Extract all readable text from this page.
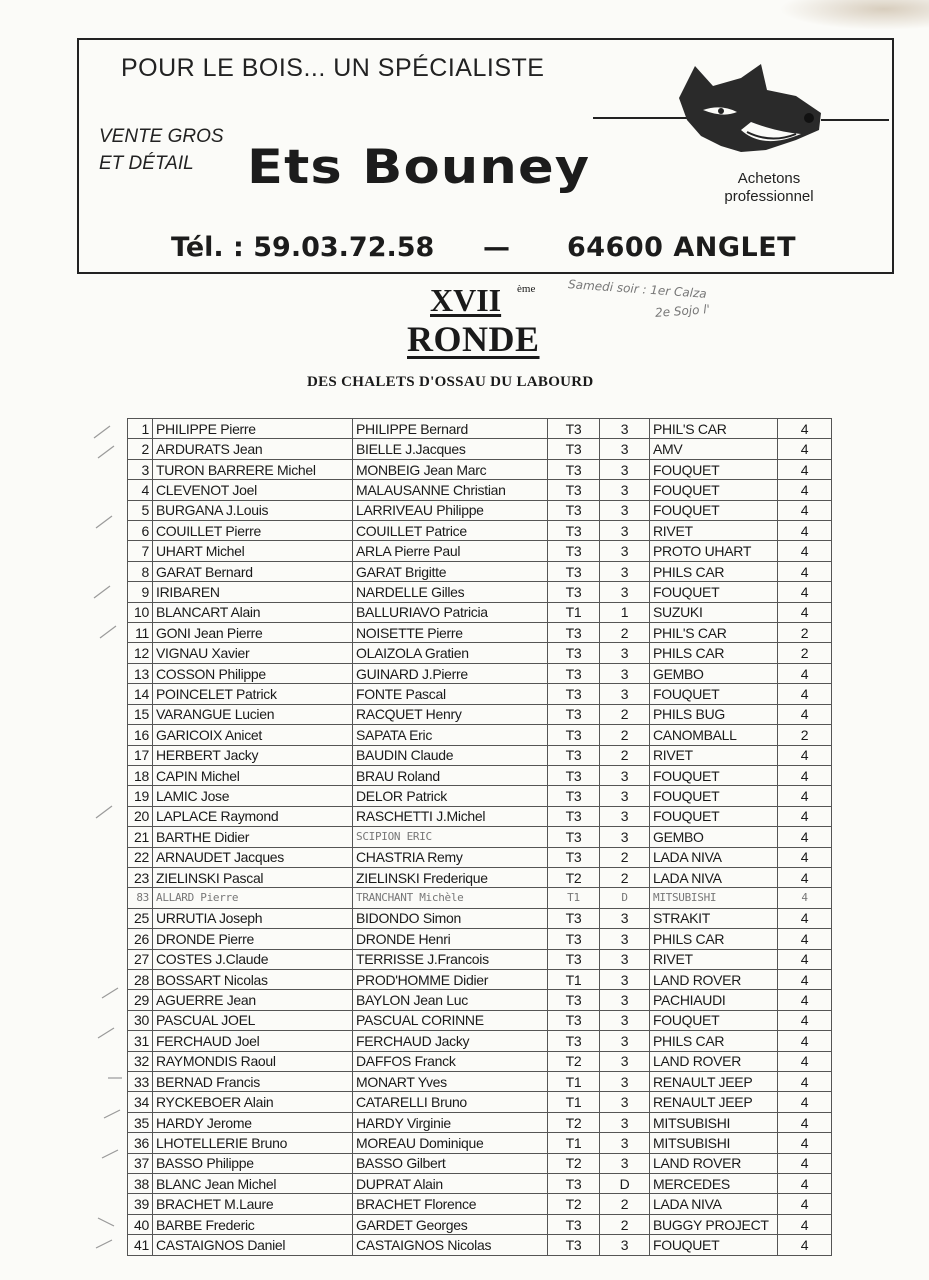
POUR LE BOIS... UN SPÉCIALISTE
VENTE GROS
ET DÉTAIL	Ets Bouney	Achetons
professionnel
Tél. : 59.03.72.58 — 64600 ANGLET
XVII ème
RONDE
DES CHALETS D'OSSAU DU LABOURD
Samedi soir : 1er Calza
2e Sojo l'
1	PHILIPPE Pierre	PHILIPPE Bernard	T3	3	PHIL'S CAR	4
2	ARDURATS Jean	BIELLE J.Jacques	T3	3	AMV	4
3	TURON BARRERE Michel	MONBEIG Jean Marc	T3	3	FOUQUET	4
4	CLEVENOT Joel	MALAUSANNE Christian	T3	3	FOUQUET	4
5	BURGANA J.Louis	LARRIVEAU Philippe	T3	3	FOUQUET	4
6	COUILLET Pierre	COUILLET Patrice	T3	3	RIVET	4
7	UHART Michel	ARLA Pierre Paul	T3	3	PROTO UHART	4
8	GARAT Bernard	GARAT Brigitte	T3	3	PHILS CAR	4
9	IRIBAREN	NARDELLE Gilles	T3	3	FOUQUET	4
10	BLANCART Alain	BALLURIAVO Patricia	T1	1	SUZUKI	4
11	GONI Jean Pierre	NOISETTE Pierre	T3	2	PHIL'S CAR	2
12	VIGNAU Xavier	OLAIZOLA Gratien	T3	3	PHILS CAR	2
13	COSSON Philippe	GUINARD J.Pierre	T3	3	GEMBO	4
14	POINCELET Patrick	FONTE Pascal	T3	3	FOUQUET	4
15	VARANGUE Lucien	RACQUET Henry	T3	2	PHILS BUG	4
16	GARICOIX Anicet	SAPATA Eric	T3	2	CANOMBALL	2
17	HERBERT Jacky	BAUDIN Claude	T3	2	RIVET	4
18	CAPIN Michel	BRAU Roland	T3	3	FOUQUET	4
19	LAMIC Jose	DELOR Patrick	T3	3	FOUQUET	4
20	LAPLACE Raymond	RASCHETTI J.Michel	T3	3	FOUQUET	4
21	BARTHE Didier	SCIPION ERIC	T3	3	GEMBO	4
22	ARNAUDET Jacques	CHASTRIA Remy	T3	2	LADA NIVA	4
23	ZIELINSKI Pascal	ZIELINSKI Frederique	T2	2	LADA NIVA	4
83	ALLARD Pierre	TRANCHANT Michèle	T1	D	MITSUBISHI	4
25	URRUTIA Joseph	BIDONDO Simon	T3	3	STRAKIT	4
26	DRONDE Pierre	DRONDE Henri	T3	3	PHILS CAR	4
27	COSTES J.Claude	TERRISSE J.Francois	T3	3	RIVET	4
28	BOSSART Nicolas	PROD'HOMME Didier	T1	3	LAND ROVER	4
29	AGUERRE Jean	BAYLON Jean Luc	T3	3	PACHIAUDI	4
30	PASCUAL JOEL	PASCUAL CORINNE	T3	3	FOUQUET	4
31	FERCHAUD Joel	FERCHAUD Jacky	T3	3	PHILS CAR	4
32	RAYMONDIS Raoul	DAFFOS Franck	T2	3	LAND ROVER	4
33	BERNAD Francis	MONART Yves	T1	3	RENAULT JEEP	4
34	RYCKEBOER Alain	CATARELLI Bruno	T1	3	RENAULT JEEP	4
35	HARDY Jerome	HARDY Virginie	T2	3	MITSUBISHI	4
36	LHOTELLERIE Bruno	MOREAU Dominique	T1	3	MITSUBISHI	4
37	BASSO Philippe	BASSO Gilbert	T2	3	LAND ROVER	4
38	BLANC Jean Michel	DUPRAT Alain	T3	D	MERCEDES	4
39	BRACHET M.Laure	BRACHET Florence	T2	2	LADA NIVA	4
40	BARBE Frederic	GARDET Georges	T3	2	BUGGY PROJECT	4
41	CASTAIGNOS Daniel	CASTAIGNOS Nicolas	T3	3	FOUQUET	4
